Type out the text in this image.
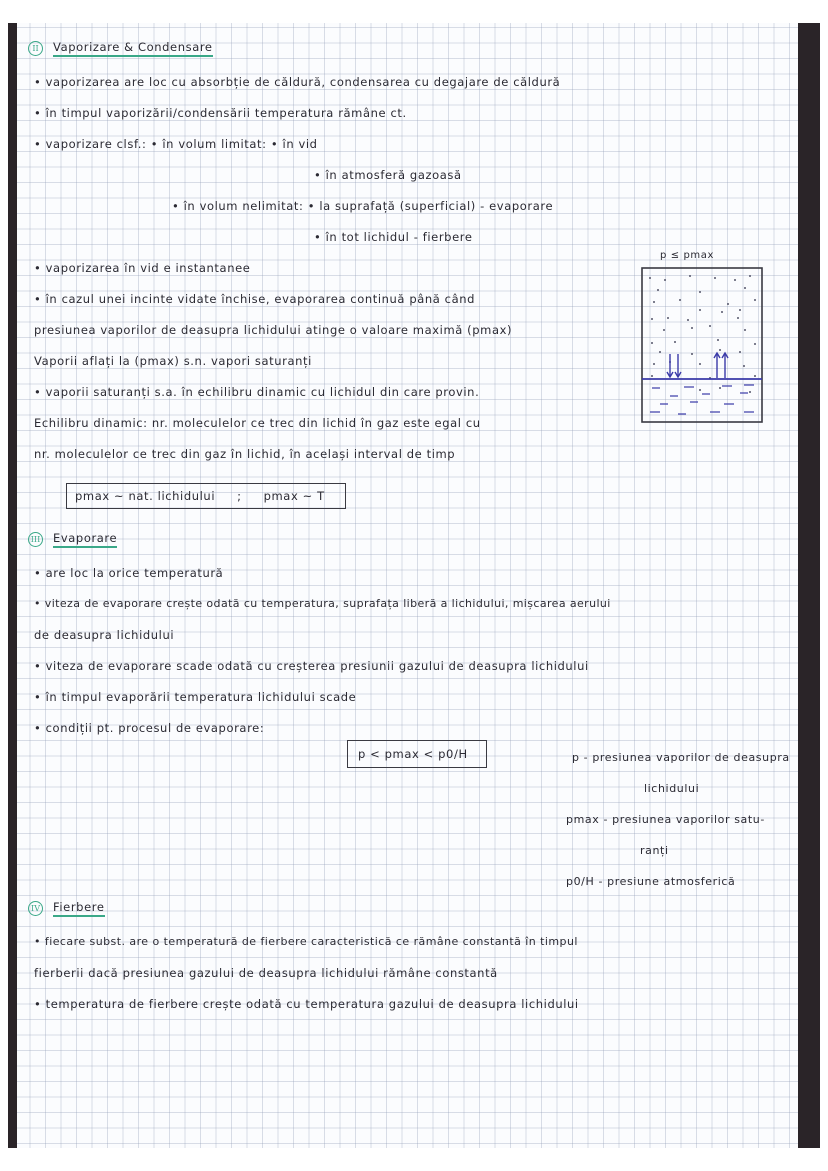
II	Vaporizare & Condensare
• vaporizarea are loc cu absorbție de căldură, condensarea cu degajare de căldură
• în timpul vaporizării/condensării temperatura rămâne ct.
• vaporizare clsf.: • în volum limitat: • în vid
• în atmosferă gazoasă
• în volum nelimitat: • la suprafață (superficial) - evaporare
• în tot lichidul - fierbere
• vaporizarea în vid e instantanee
• în cazul unei incinte vidate închise, evaporarea continuă până când
presiunea vaporilor de deasupra lichidului atinge o valoare maximă (pmax)
Vaporii aflați la (pmax) s.n. vapori saturanți
• vaporii saturanți s.a. în echilibru dinamic cu lichidul din care provin.
Echilibru dinamic: nr. moleculelor ce trec din lichid în gaz este egal cu
nr. moleculelor ce trec din gaz în lichid, în același interval de timp
pmax ~ nat. lichidului ; pmax ~ T
p ≤ pmax
III Evaporare
• are loc la orice temperatură
• viteza de evaporare crește odată cu temperatura, suprafața liberă a lichidului, mișcarea aerului
de deasupra lichidului
• viteza de evaporare scade odată cu creșterea presiunii gazului de deasupra lichidului
• în timpul evaporării temperatura lichidului scade
• condiții pt. procesul de evaporare:
p < pmax < p0/H	p - presiunea vaporilor de deasupra
lichidului
pmax - presiunea vaporilor satu-
ranți
p0/H - presiune atmosferică
IV Fierbere
• fiecare subst. are o temperatură de fierbere caracteristică ce rămâne constantă în timpul
fierberii dacă presiunea gazului de deasupra lichidului rămâne constantă
• temperatura de fierbere crește odată cu temperatura gazului de deasupra lichidului
